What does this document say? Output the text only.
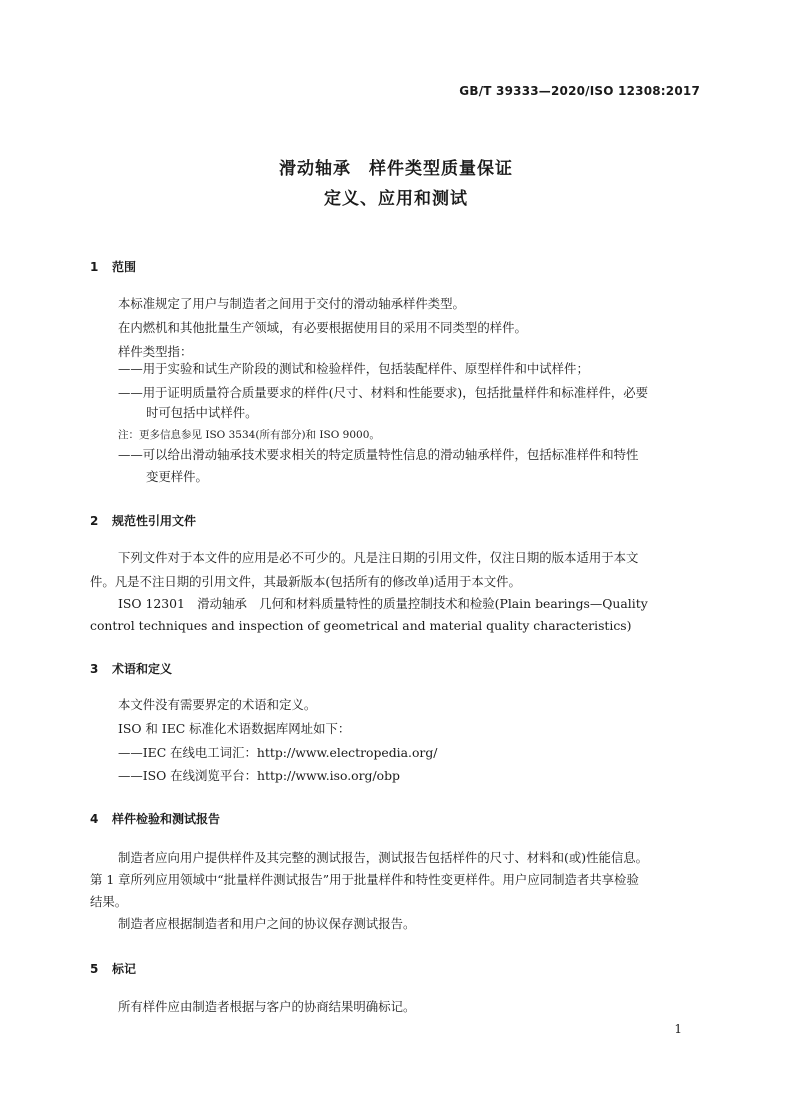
GB/T 39333—2020/ISO 12308:2017
滑动轴承　样件类型质量保证
定义、应用和测试
1 范围
本标准规定了用户与制造者之间用于交付的滑动轴承样件类型。
在内燃机和其他批量生产领域，有必要根据使用目的采用不同类型的样件。
样件类型指：
——用于实验和试生产阶段的测试和检验样件，包括装配样件、原型样件和中试样件；
——用于证明质量符合质量要求的样件(尺寸、材料和性能要求)，包括批量样件和标准样件，必要
时可包括中试样件。
注：更多信息参见 ISO 3534(所有部分)和 ISO 9000。
——可以给出滑动轴承技术要求相关的特定质量特性信息的滑动轴承样件，包括标准样件和特性
变更样件。
2 规范性引用文件
下列文件对于本文件的应用是必不可少的。凡是注日期的引用文件，仅注日期的版本适用于本文
件。凡是不注日期的引用文件，其最新版本(包括所有的修改单)适用于本文件。
ISO 12301　滑动轴承　几何和材料质量特性的质量控制技术和检验(Plain bearings—Quality
control techniques and inspection of geometrical and material quality characteristics)
3 术语和定义
本文件没有需要界定的术语和定义。
ISO 和 IEC 标准化术语数据库网址如下：
——IEC 在线电工词汇：http://www.electropedia.org/
——ISO 在线浏览平台：http://www.iso.org/obp
4 样件检验和测试报告
制造者应向用户提供样件及其完整的测试报告，测试报告包括样件的尺寸、材料和(或)性能信息。
第 1 章所列应用领域中“批量样件测试报告”用于批量样件和特性变更样件。用户应同制造者共享检验
结果。
制造者应根据制造者和用户之间的协议保存测试报告。
5 标记
所有样件应由制造者根据与客户的协商结果明确标记。
1
